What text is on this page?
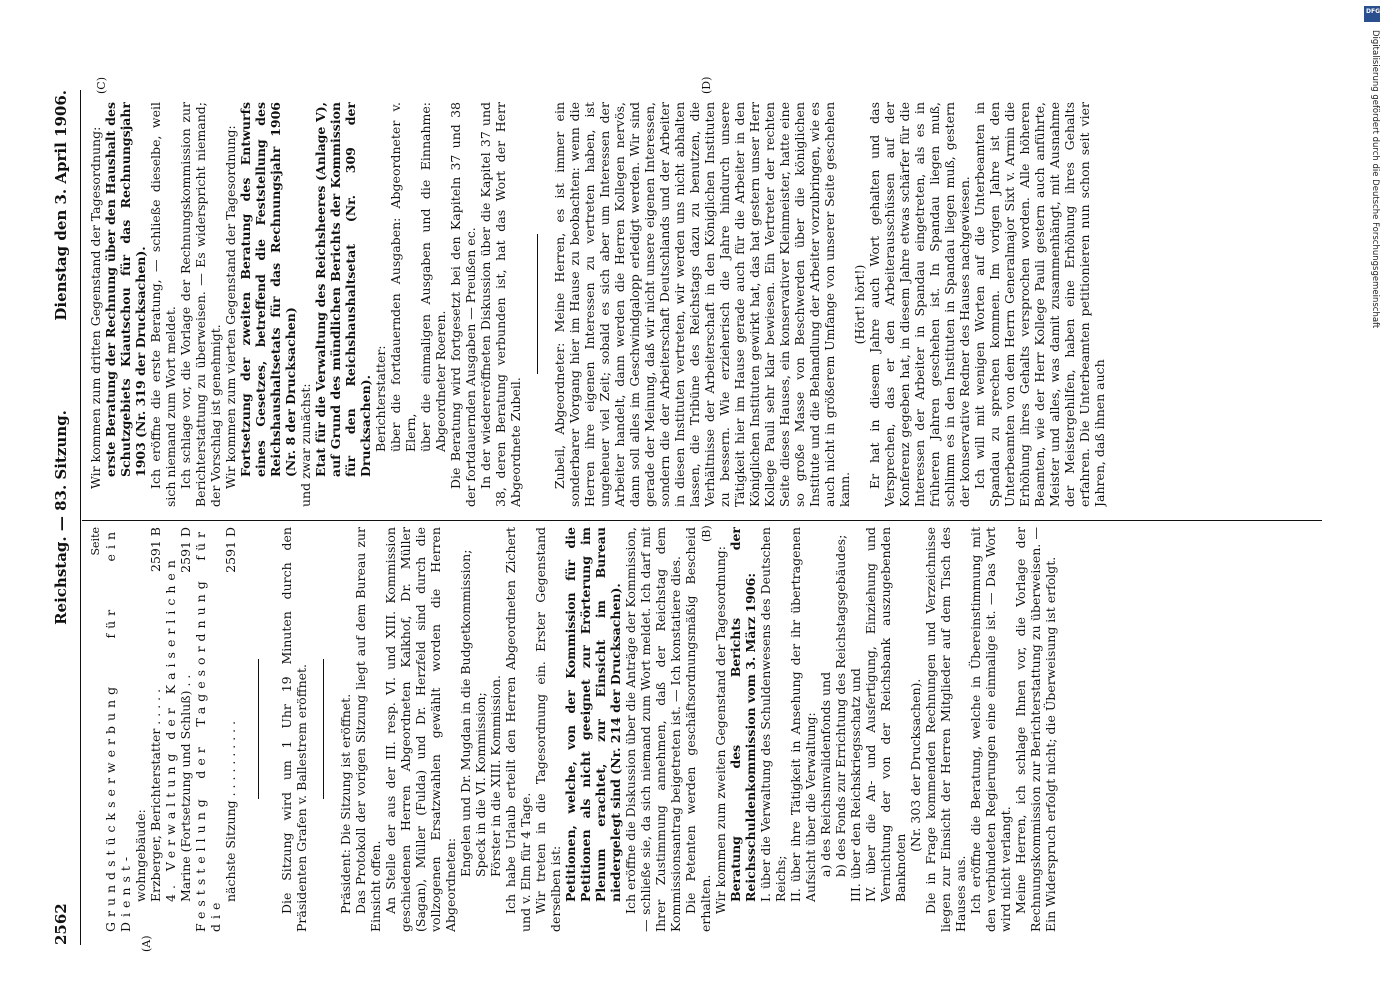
2562
Reichstag. — 83. Sitzung.
Dienstag den 3. April 1906.
(A)
(B)
(C)	(D)
Seite Grundstückserwerbung für ein Dienst- wohngebäude: Erzberger, Berichterstatter . . . . .
2591 B

4. Verwaltung der Kaiserlichen Marine (Fortsetzung und Schluß) . .
2591 D Feststellung der Tagesordnung für die

nächste Sitzung . . . . . . . . . .
2591 D	Die Sitzung wird um 1 Uhr 19 Minuten durch den Präsidenten Grafen v. Ballestrem eröffnet. Präsident: Die Sitzung ist eröffnet. Das Protokoll der vorigen Sitzung liegt auf dem Bureau zur Einsicht offen. An Stelle der aus der III. resp. VI. und XIII. Kommission geschiedenen Herren Abgeordneten Kalkhof, Dr. Müller (Sagan), Müller (Fulda) und Dr. Herzfeld sind durch die vollzogenen Ersatzwahlen gewählt worden die Herren Abgeordneten:

Engelen und Dr. Mugdan in die Budgetkommission; Speck in die VI. Kommission; Förster in die XIII. Kommission. Ich habe Urlaub erteilt den Herren Abgeordneten Zichert und v. Elm für 4 Tage. Wir treten in die Tagesordnung ein. Erster Gegenstand derselben ist: Petitionen, welche, von der Kommission für die Petitionen als nicht geeignet zur Erörterung im Plenum erachtet, zur Einsicht im Bureau niedergelegt sind (Nr. 214 der Drucksachen). Ich eröffne die Diskussion über die Anträge der Kommission, — schließe sie, da sich niemand zum Wort meldet. Ich darf mit Ihrer Zustimmung annehmen, daß der Reichstag dem Kommissionsantrag beigetreten ist. — Ich konstatiere dies. Die Petenten werden geschäftsordnungsmäßig Bescheid erhalten. Wir kommen zum zweiten Gegenstand der Tagesordnung: Beratung des Berichts der Reichsschuldenkommission vom 3. März 1906: I. über die Verwaltung des Schuldenwesens des Deutschen Reichs; II. über ihre Tätigkeit in Ansehung der ihr übertragenen Aufsicht über die Verwaltung: a) des Reichsinvalidenfonds und b) des Fonds zur Errichtung des Reichstagsgebäudes; III. über den Reichskriegsschatz und IV. über die An- und Ausfertigung, Einziehung und Vernichtung der von der Reichsbank auszugebenden Banknoten

(Nr. 303 der Drucksachen). Die in Frage kommenden Rechnungen und Verzeichnisse liegen zur Einsicht der Herren Mitglieder auf dem Tisch des Hauses aus. Ich eröffne die Beratung, welche in Übereinstimmung mit den verbündeten Regierungen eine einmalige ist. — Das Wort wird nicht verlangt. Meine Herren, ich schlage Ihnen vor, die Vorlage der Rechnungskommission zur Berichterstattung zu überweisen. — Ein Widerspruch erfolgt nicht; die Überweisung ist erfolgt.

Wir kommen zum dritten Gegenstand der Tagesordnung: erste Beratung der Rechnung über den Haushalt des Schutzgebiets Kiautschou für das Rechnungsjahr 1903 (Nr. 319 der Drucksachen). Ich eröffne die erste Beratung, — schließe dieselbe, weil sich niemand zum Wort meldet. Ich schlage vor, die Vorlage der Rechnungskommission zur Berichterstattung zu überweisen. — Es widerspricht niemand; der Vorschlag ist genehmigt. Wir kommen zum vierten Gegenstand der Tagesordnung: Fortsetzung der zweiten Beratung des Entwurfs eines Gesetzes, betreffend die Feststellung des Reichshaushaltsetats für das Rechnungsjahr 1906 (Nr. 8 der Drucksachen) und zwar zunächst: Etat für die Verwaltung des Reichsheeres (Anlage V), auf Grund des mündlichen Berichts der Kommission für den Reichshaushaltsetat (Nr. 309 der Drucksachen). Berichterstatter: über die fortdauernden Ausgaben: Abgeordneter v. Elern, über die einmaligen Ausgaben und die Einnahme: Abgeordneter Roeren. Die Beratung wird fortgesetzt bei den Kapiteln 37 und 38 der fortdauernden Ausgaben — Preußen ec. In der wiedereröffneten Diskussion über die Kapitel 37 und 38, deren Beratung verbunden ist, hat das Wort der Herr Abgeordnete Zubeil. Zubeil, Abgeordneter: Meine Herren, es ist immer ein sonderbarer Vorgang hier im Hause zu beobachten: wenn die Herren ihre eigenen Interessen zu vertreten haben, ist ungeheuer viel Zeit; sobald es sich aber um Interessen der Arbeiter handelt, dann werden die Herren Kollegen nervös, dann soll alles im Geschwindgalopp erledigt werden. Wir sind gerade der Meinung, daß wir nicht unsere eigenen Interessen, sondern die der Arbeiterschaft Deutschlands und der Arbeiter in diesen Instituten vertreten, wir werden uns nicht abhalten lassen, die Tribüne des Reichstags dazu zu benutzen, die Verhältnisse der Arbeiterschaft in den Königlichen Instituten zu bessern. Wie erzieherisch die Jahre hindurch unsere Tätigkeit hier im Hause gerade auch für die Arbeiter in den Königlichen Instituten gewirkt hat, das hat gestern unser Herr Kollege Pauli sehr klar bewiesen. Ein Vertreter der rechten Seite dieses Hauses, ein konservativer Kleinmeister, hatte eine so große Masse von Beschwerden über die königlichen Institute und die Behandlung der Arbeiter vorzubringen, wie es auch nicht in größerem Umfange von unserer Seite geschehen kann.

(Hört! hört!) Er hat in diesem Jahre auch Wort gehalten und das Versprechen, das er den Arbeiterausschüssen auf der Konferenz gegeben hat, in diesem Jahre etwas schärfer für die Interessen der Arbeiter in Spandau eingetreten, als es in früheren Jahren geschehen ist. In Spandau liegen muß, schlimm es in den Instituten in Spandau liegen muß, gestern der konservative Redner des Hauses nachgewiesen. Ich will mit wenigen Worten auf die Unterbeamten in Spandau zu sprechen kommen. Im vorigen Jahre ist den Unterbeamten von dem Herrn Generalmajor Sixt v. Armin die Erhöhung ihres Gehalts versprochen worden. Alle höheren Beamten, wie der Herr Kollege Pauli gestern auch anführte, Meister und alles, was damit zusammenhängt, mit Ausnahme der Meistergehilfen, haben eine Erhöhung ihres Gehalts erfahren. Die Unterbeamten petitionieren nun schon seit vier Jahren, daß ihnen auch

DFG
Digitalisierung gefördert durch die Deutsche Forschungsgemeinschaft
